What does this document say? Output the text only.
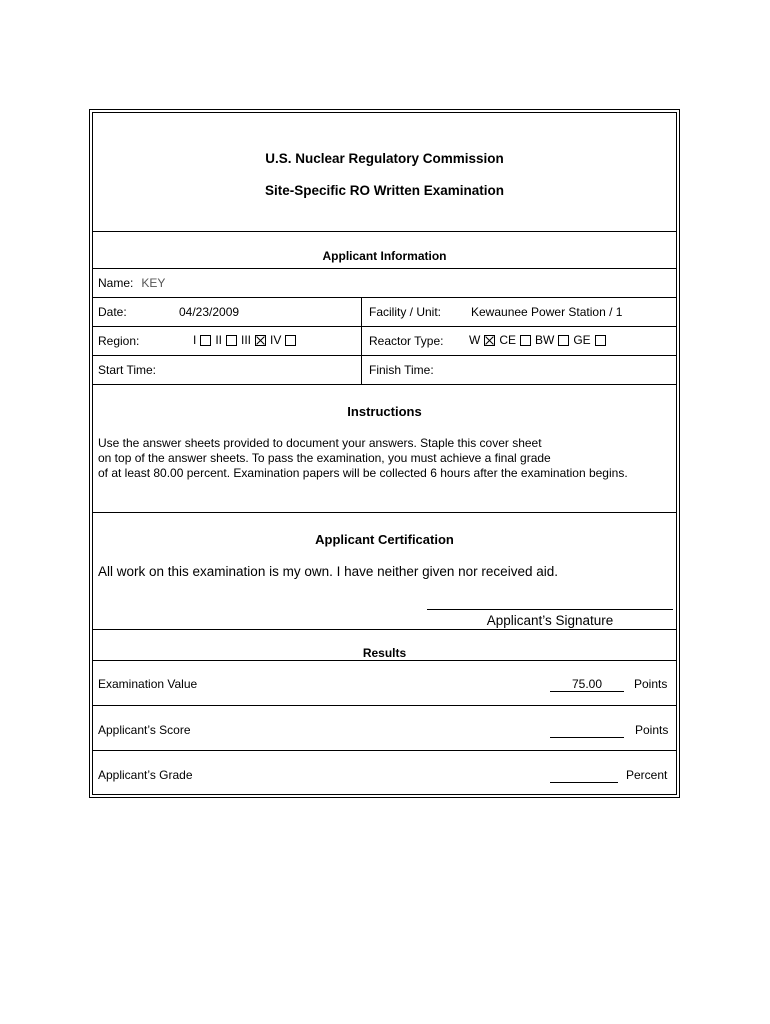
U.S. Nuclear Regulatory Commission
Site-Specific RO Written Examination
Applicant Information
Name: KEY
Date:	04/23/2009	Facility / Unit: Kewaunee Power Station / 1
Region:	I II III IV	Reactor Type: W CE BW GE
Start Time:	Finish Time:
Instructions
Use the answer sheets provided to document your answers. Staple this cover sheet
on top of the answer sheets. To pass the examination, you must achieve a final grade
of at least 80.00 percent. Examination papers will be collected 6 hours after the examination begins.
Applicant Certification
All work on this examination is my own. I have neither given nor received aid.
Applicant’s Signature
Results
Examination Value	75.00	Points
Applicant’s Score	Points
Applicant’s Grade	Percent
